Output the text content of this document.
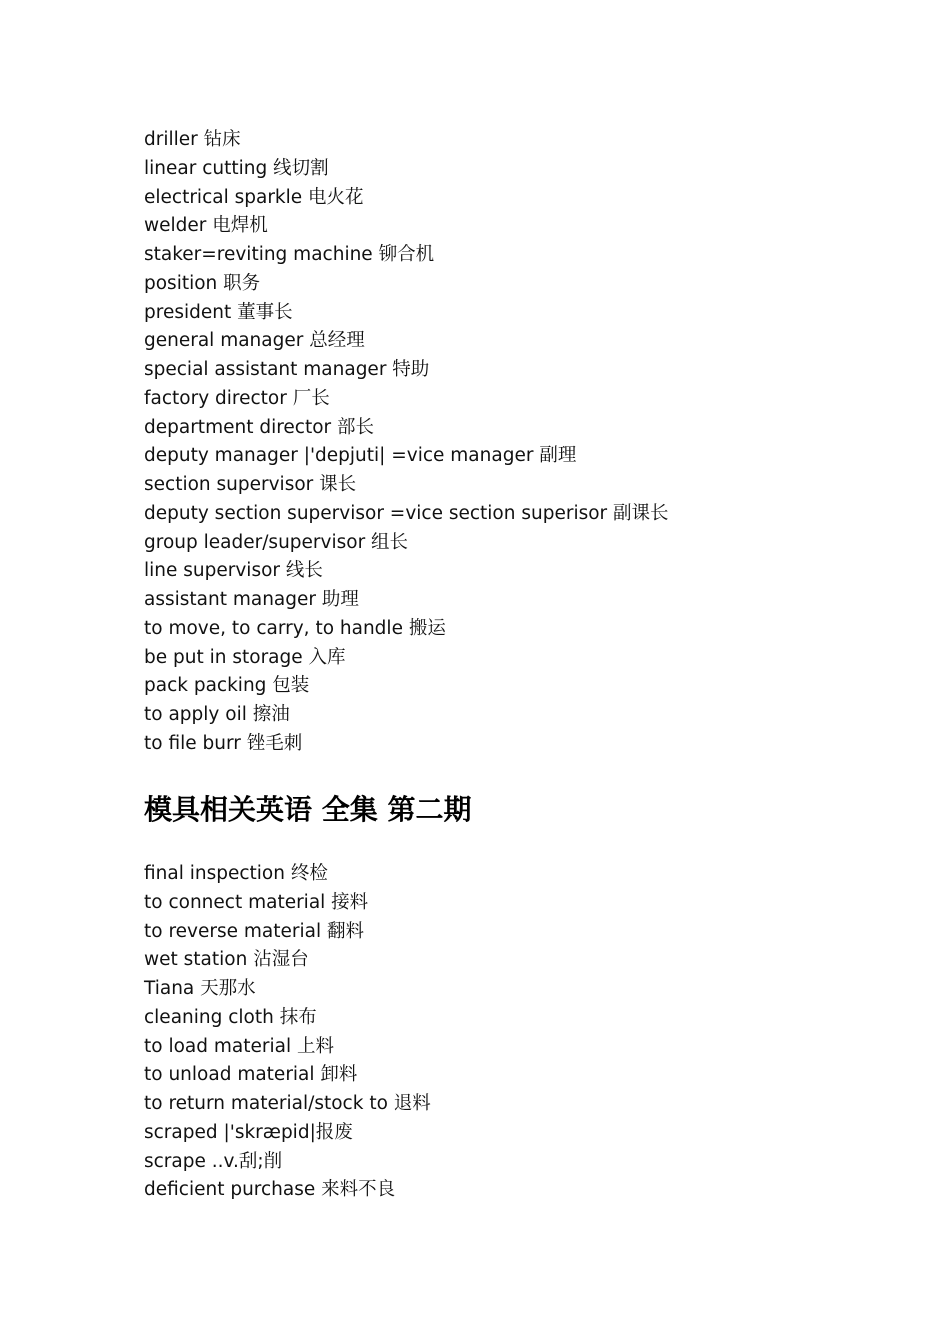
driller 钻床
linear cutting 线切割
electrical sparkle 电火花
welder 电焊机
staker=reviting machine 铆合机
position 职务
president 董事长
general manager 总经理
special assistant manager 特助
factory director 厂长
department director 部长
deputy manager |'depjuti| =vice manager 副理
section supervisor 课长
deputy section supervisor =vice section superisor 副课长
group leader/supervisor 组长
line supervisor 线长
assistant manager 助理
to move, to carry, to handle 搬运
be put in storage 入库
pack packing 包装
to apply oil 擦油
to file burr 锉毛刺
模具相关英语 全集 第二期
final inspection 终检
to connect material 接料
to reverse material 翻料
wet station 沾湿台
Tiana 天那水
cleaning cloth 抹布
to load material 上料
to unload material 卸料
to return material/stock to 退料
scraped |'skræpid|报废
scrape ..v.刮;削
deficient purchase 来料不良
